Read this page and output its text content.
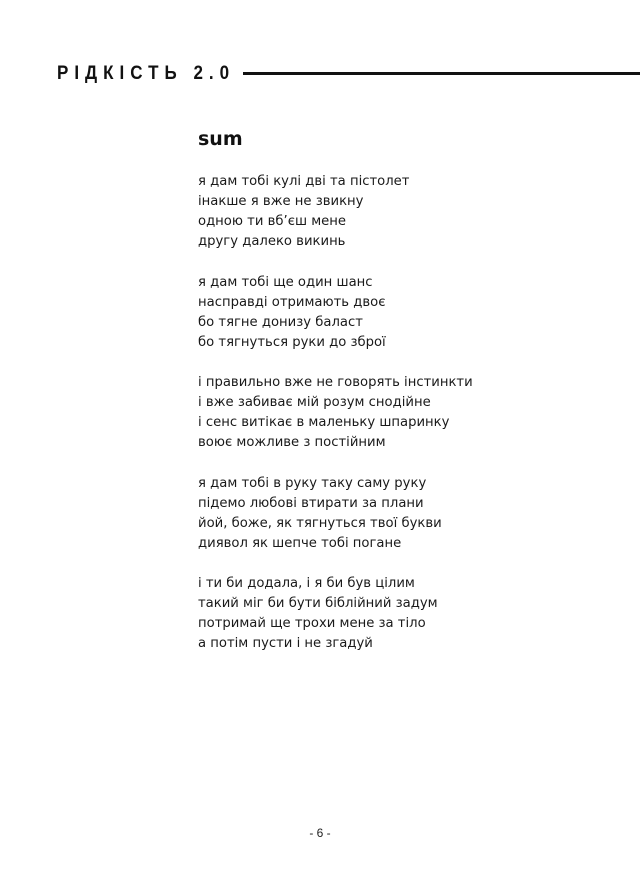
РІДКІСТЬ 2.0
sum
я дам тобі кулі дві та пістолет
інакше я вже не звикну
одною ти вб’єш мене
другу далеко викинь
я дам тобі ще один шанс
насправді отримають двоє
бо тягне донизу баласт
бо тягнуться руки до зброї
і правильно вже не говорять інстинкти
і вже забиває мій розум снодійне
і сенс витікає в маленьку шпаринку
воює можливе з постійним
я дам тобі в руку таку саму руку
підемо любові втирати за плани
йой, боже, як тягнуться твої букви
диявол як шепче тобі погане
і ти би додала, і я би був цілим
такий міг би бути біблійний задум
потримай ще трохи мене за тіло
а потім пусти і не згадуй
- 6 -
